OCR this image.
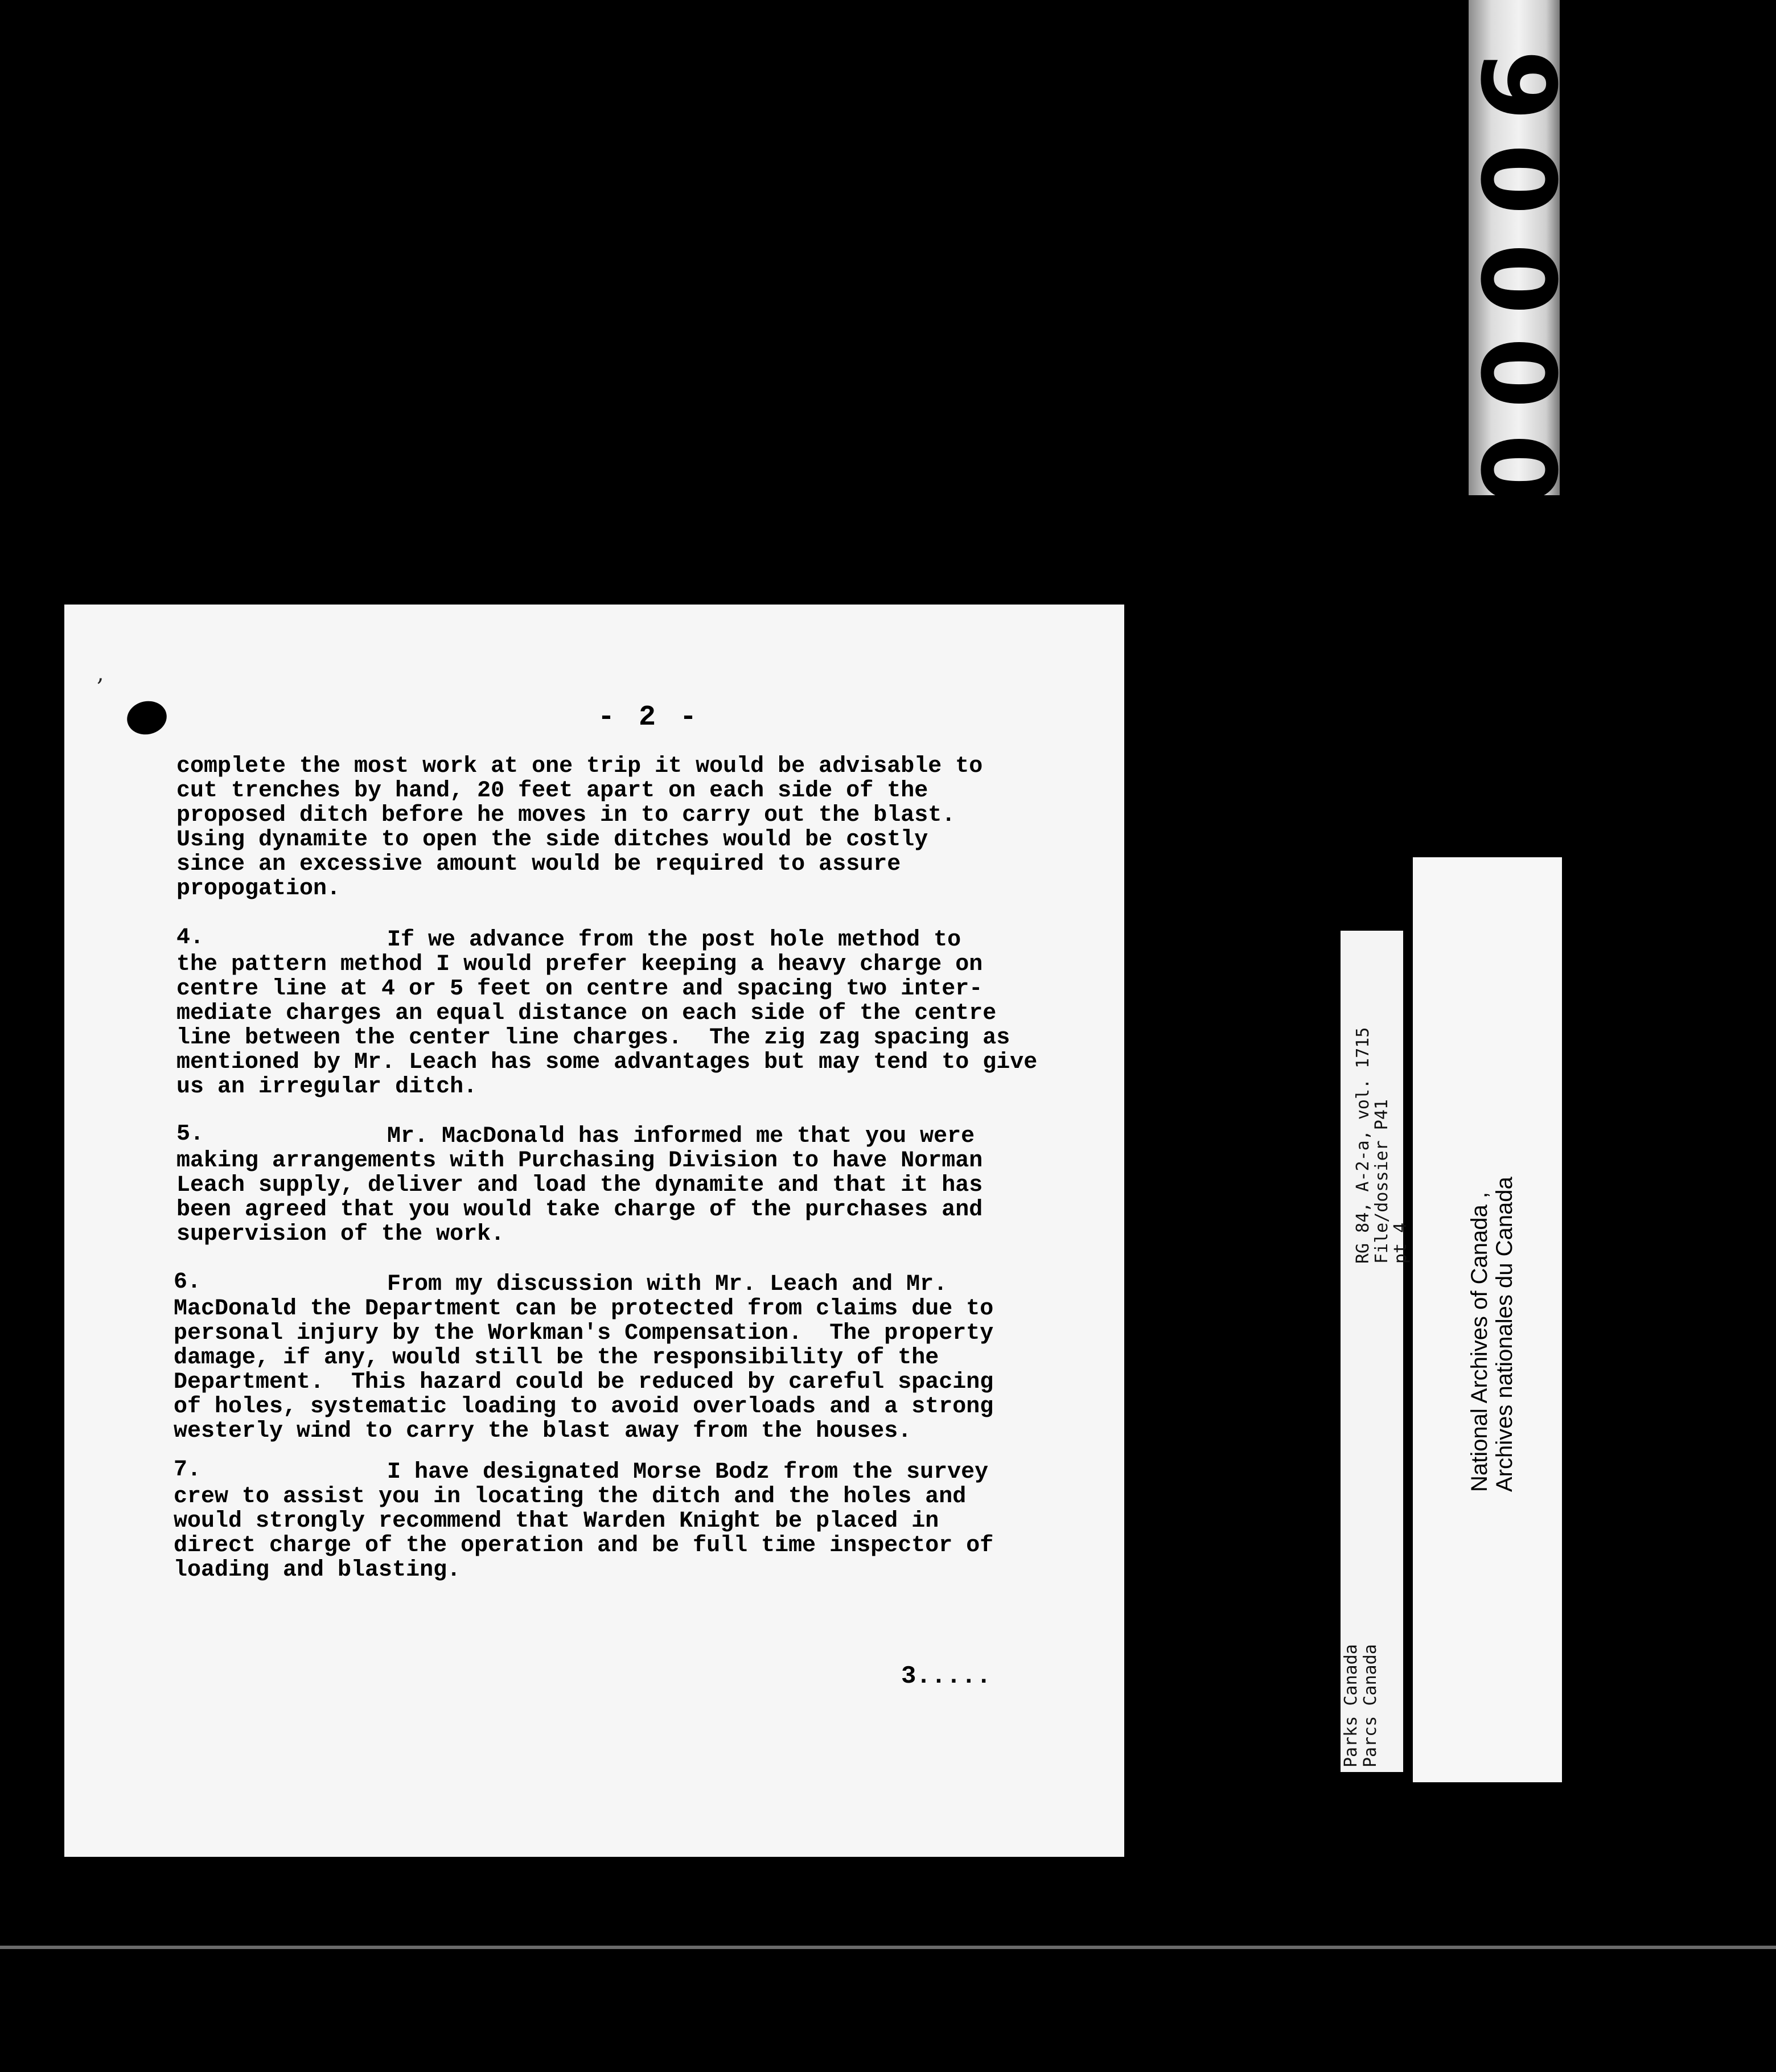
9
0
0
0
0
,
- 2 -
complete the most work at one trip it would be advisable to
cut trenches by hand, 20 feet apart on each side of the
proposed ditch before he moves in to carry out the blast.
Using dynamite to open the side ditches would be costly
since an excessive amount would be required to assure
propogation.
4.	If we advance from the post hole method to
the pattern method I would prefer keeping a heavy charge on
centre line at 4 or 5 feet on centre and spacing two inter-
mediate charges an equal distance on each side of the centre
line between the center line charges.  The zig zag spacing as
mentioned by Mr. Leach has some advantages but may tend to give
us an irregular ditch.
5.	Mr. MacDonald has informed me that you were
making arrangements with Purchasing Division to have Norman
Leach supply, deliver and load the dynamite and that it has
been agreed that you would take charge of the purchases and
supervision of the work.
6.	From my discussion with Mr. Leach and Mr.
MacDonald the Department can be protected from claims due to
personal injury by the Workman's Compensation.  The property
damage, if any, would still be the responsibility of the
Department.  This hazard could be reduced by careful spacing
of holes, systematic loading to avoid overloads and a strong
westerly wind to carry the blast away from the houses.
7.	I have designated Morse Bodz from the survey
crew to assist you in locating the ditch and the holes and
would strongly recommend that Warden Knight be placed in
direct charge of the operation and be full time inspector of
loading and blasting.
3.....	Parks Canada Parcs Canada
RG 84, A-2-a, vol. 1715
File/dossier P41
pt 4 National Archives of Canada , Archives nationales du Canada
